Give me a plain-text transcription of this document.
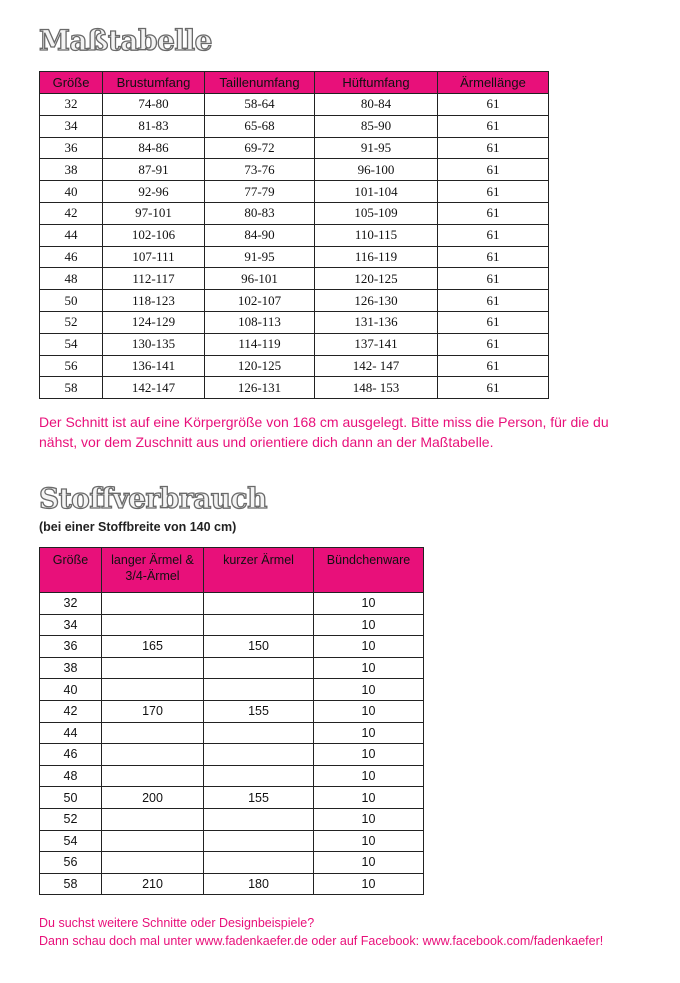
Maßtabelle
Größe	Brustumfang	Taillenumfang	Hüftumfang	Ärmellänge
32	74-80	58-64	80-84	61
34	81-83	65-68	85-90	61
36	84-86	69-72	91-95	61
38	87-91	73-76	96-100	61
40	92-96	77-79	101-104	61
42	97-101	80-83	105-109	61
44	102-106	84-90	110-115	61
46	107-111	91-95	116-119	61
48	112-117	96-101	120-125	61
50	118-123	102-107	126-130	61
52	124-129	108-113	131-136	61
54	130-135	114-119	137-141	61
56	136-141	120-125	142- 147	61
58	142-147	126-131	148- 153	61

Der Schnitt ist auf eine Körpergröße von 168 cm ausgelegt. Bitte miss die Person, für die du nähst, vor dem Zuschnitt aus und orientiere dich dann an der Maßtabelle.

Stoffverbrauch

(bei einer Stoffbreite von 140 cm)

Größe	langer Ärmel & 3/4-Ärmel	kurzer Ärmel	Bündchenware
32			10
34			10
36	165	150	10
38			10
40			10
42	170	155	10
44			10
46			10
48			10
50	200	155	10
52			10
54			10
56			10
58	210	180	10
Du suchst weitere Schnitte oder Designbeispiele?
Dann schau doch mal unter www.fadenkaefer.de oder auf Facebook: www.facebook.com/fadenkaefer!
